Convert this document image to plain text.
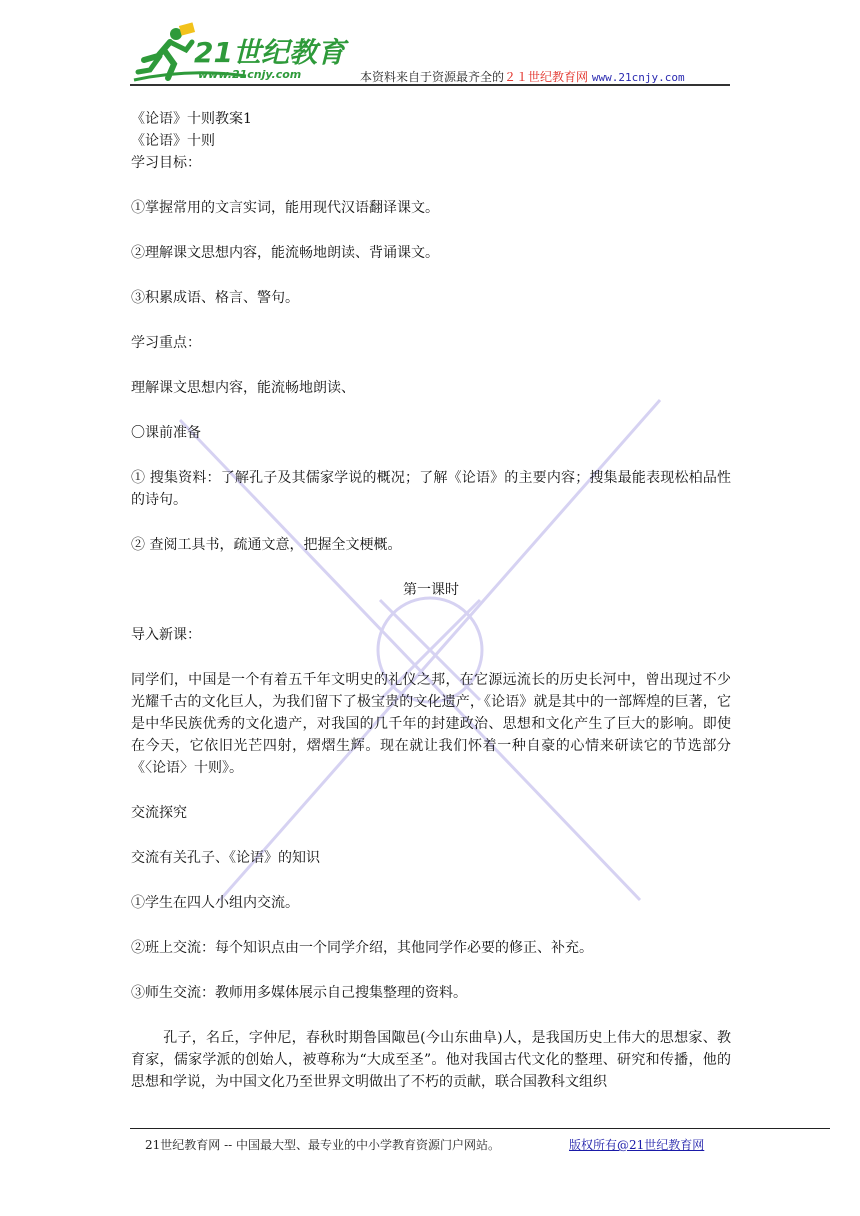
21世纪教育
www.21cnjy.com	本资料来自于资源最齐全的２１世纪教育网 www.21cnjy.com

《论语》十则教案1

《论语》十则

学习目标：

①掌握常用的文言实词，能用现代汉语翻译课文。

②理解课文思想内容，能流畅地朗读、背诵课文。

③积累成语、格言、警句。

学习重点：

理解课文思想内容，能流畅地朗读、

〇课前准备

① 搜集资料：了解孔子及其儒家学说的概况；了解《论语》的主要内容；搜集最能表现松柏品性的诗句。

② 查阅工具书，疏通文意，把握全文梗概。

第一课时

导入新课：

同学们，中国是一个有着五千年文明史的礼仪之邦，在它源远流长的历史长河中，曾出现过不少光耀千古的文化巨人，为我们留下了极宝贵的文化遗产，《论语》就是其中的一部辉煌的巨著，它是中华民族优秀的文化遗产，对我国的几千年的封建政治、思想和文化产生了巨大的影响。即使在今天，它依旧光芒四射，熠熠生辉。现在就让我们怀着一种自豪的心情来研读它的节选部分《〈论语〉十则》。

交流探究

交流有关孔子、《论语》的知识

①学生在四人小组内交流。

②班上交流：每个知识点由一个同学介绍，其他同学作必要的修正、补充。

③师生交流：教师用多媒体展示自己搜集整理的资料。

孔子，名丘，字仲尼，春秋时期鲁国陬邑(今山东曲阜)人，是我国历史上伟大的思想家、教育家，儒家学派的创始人，被尊称为“大成至圣”。他对我国古代文化的整理、研究和传播，他的思想和学说，为中国文化乃至世界文明做出了不朽的贡献，联合国教科文组织

21世纪教育网 -- 中国最大型、最专业的中小学教育资源门户网站。	版权所有@21世纪教育网
